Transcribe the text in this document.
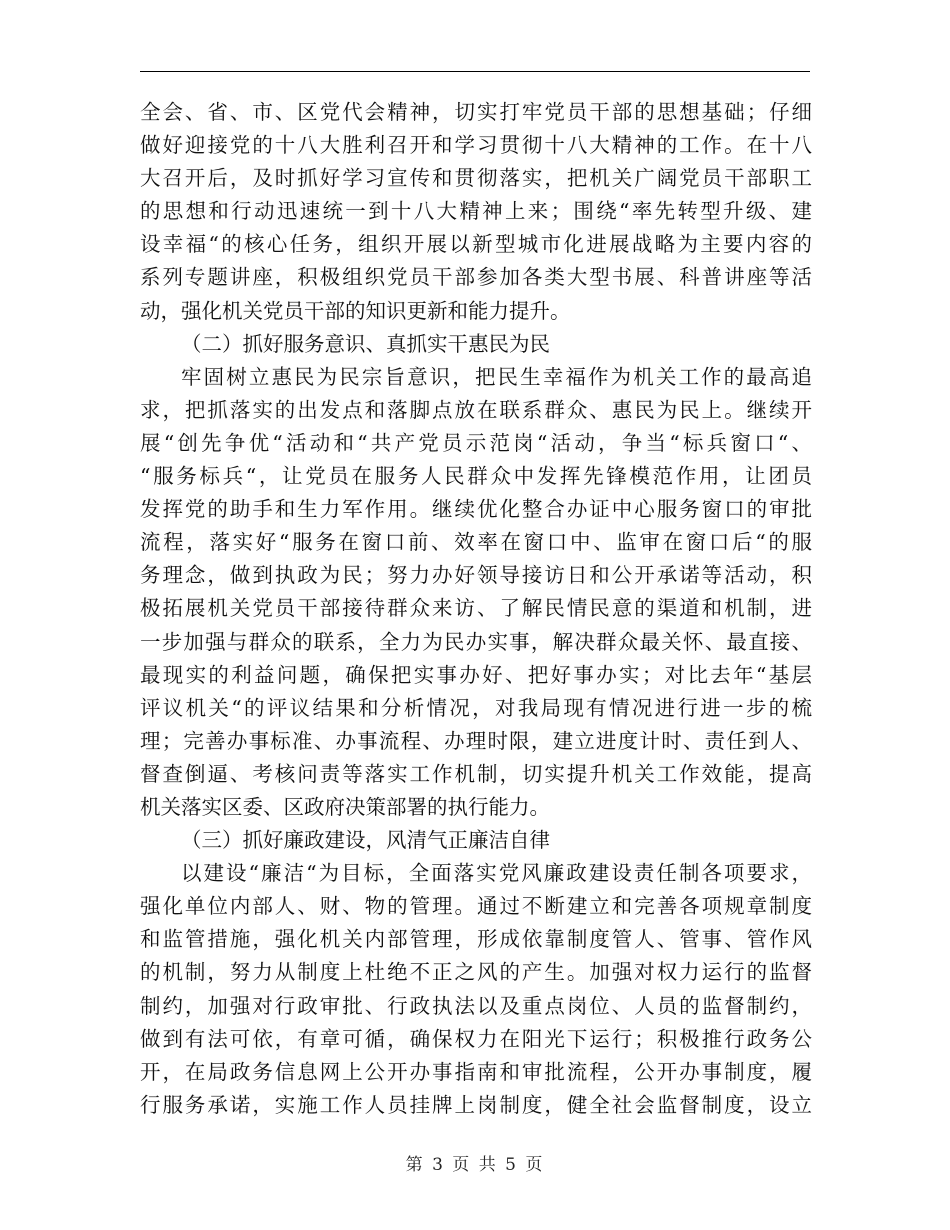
全会、省、市、区党代会精神，切实打牢党员干部的思想基础；仔细
做好迎接党的十八大胜利召开和学习贯彻十八大精神的工作。在十八
大召开后，及时抓好学习宣传和贯彻落实，把机关广阔党员干部职工
的思想和行动迅速统一到十八大精神上来；围绕“率先转型升级、建
设幸福“的核心任务，组织开展以新型城市化进展战略为主要内容的
系列专题讲座，积极组织党员干部参加各类大型书展、科普讲座等活
动，强化机关党员干部的知识更新和能力提升。
（二）抓好服务意识、真抓实干惠民为民
牢固树立惠民为民宗旨意识，把民生幸福作为机关工作的最高追
求，把抓落实的出发点和落脚点放在联系群众、惠民为民上。继续开
展“创先争优“活动和“共产党员示范岗“活动，争当“标兵窗口“、
“服务标兵“，让党员在服务人民群众中发挥先锋模范作用，让团员
发挥党的助手和生力军作用。继续优化整合办证中心服务窗口的审批
流程，落实好“服务在窗口前、效率在窗口中、监审在窗口后“的服
务理念，做到执政为民；努力办好领导接访日和公开承诺等活动，积
极拓展机关党员干部接待群众来访、了解民情民意的渠道和机制，进
一步加强与群众的联系，全力为民办实事，解决群众最关怀、最直接、
最现实的利益问题，确保把实事办好、把好事办实；对比去年“基层
评议机关“的评议结果和分析情况，对我局现有情况进行进一步的梳
理；完善办事标准、办事流程、办理时限，建立进度计时、责任到人、
督查倒逼、考核问责等落实工作机制，切实提升机关工作效能，提高
机关落实区委、区政府决策部署的执行能力。
（三）抓好廉政建设，风清气正廉洁自律
以建设“廉洁“为目标，全面落实党风廉政建设责任制各项要求，
强化单位内部人、财、物的管理。通过不断建立和完善各项规章制度
和监管措施，强化机关内部管理，形成依靠制度管人、管事、管作风
的机制，努力从制度上杜绝不正之风的产生。加强对权力运行的监督
制约，加强对行政审批、行政执法以及重点岗位、人员的监督制约，
做到有法可依，有章可循，确保权力在阳光下运行；积极推行政务公
开，在局政务信息网上公开办事指南和审批流程，公开办事制度，履
行服务承诺，实施工作人员挂牌上岗制度，健全社会监督制度，设立
第 3 页 共 5 页
